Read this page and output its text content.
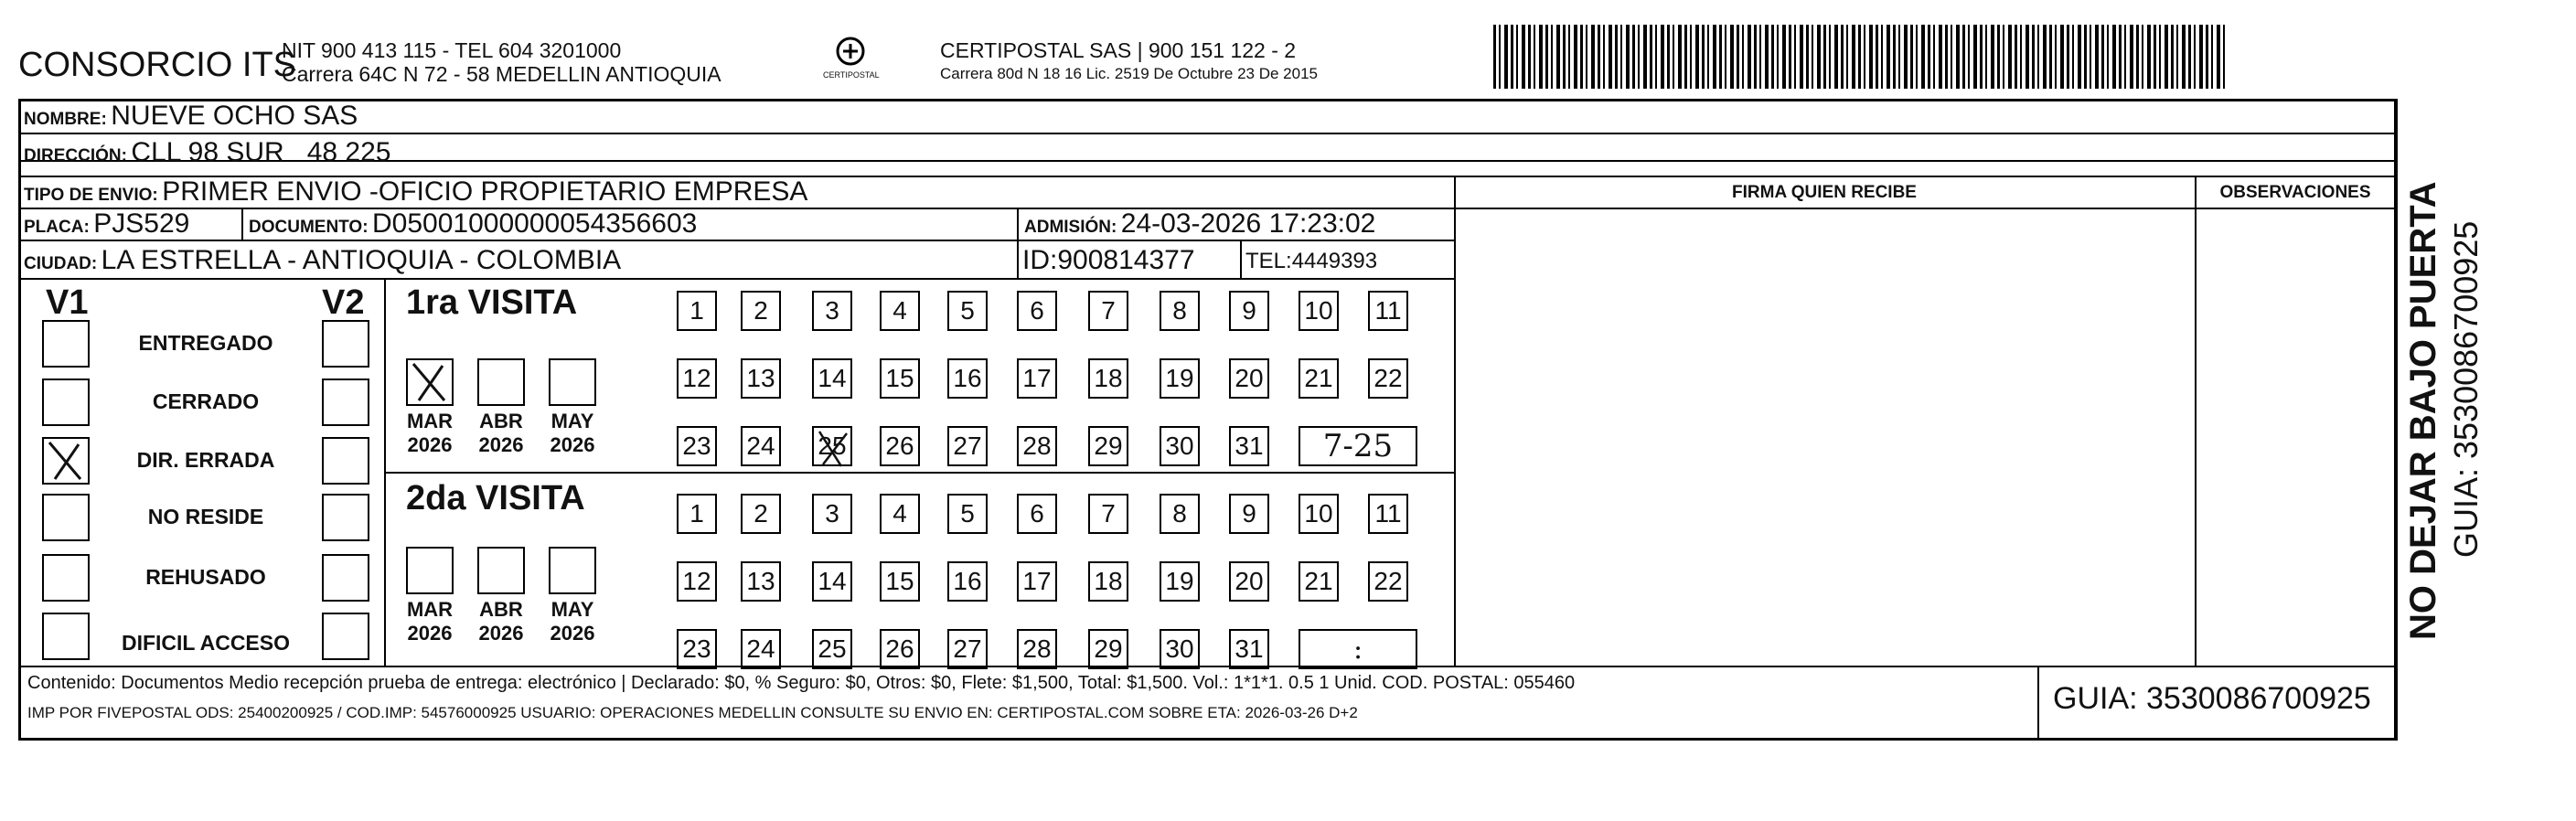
CONSORCIO ITS
NIT 900 413 115 - TEL 604 3201000
Carrera 64C N 72 - 58 MEDELLIN ANTIOQUIA	CERTIPOSTAL
CERTIPOSTAL SAS | 900 151 122 - 2
Carrera 80d N 18 16 Lic. 2519 De Octubre 23 De 2015
NOMBRE: NUEVE OCHO SAS
DIRECCIÓN: CLL 98 SUR   48 225
TIPO DE ENVIO: PRIMER ENVIO -OFICIO PROPIETARIO EMPRESA	FIRMA QUIEN RECIBE	OBSERVACIONES
PLACA: PJS529	DOCUMENTO: D05001000000054356603	ADMISIÓN: 24-03-2026 17:23:02
CIUDAD: LA ESTRELLA - ANTIOQUIA - COLOMBIA	ID:900814377 TEL:4449393
V1	V2
ENTREGADO
CERRADO
DIR. ERRADA
NO RESIDE
REHUSADO
DIFICIL ACCESO
1ra VISITA
MAR
2026
ABR
2026
MAY
2026
1	2	3	4	5	6	7	8	9	10 11
12 13 14 15 16 17 18 19 20 21 22
23 24 25 26 27 28 29 30 31	7-25
2da VISITA
MAR
2026
ABR
2026
MAY
2026
1	2	3	4	5	6	7	8	9	10 11
12 13 14 15 16 17 18 19 20 21 22
23 24 25 26 27 28 29 30 31	:
Contenido: Documentos Medio recepción prueba de entrega: electrónico | Declarado: $0, % Seguro: $0, Otros: $0, Flete: $1,500, Total: $1,500. Vol.: 1*1*1. 0.5 1 Unid. COD. POSTAL: 055460
IMP POR FIVEPOSTAL ODS: 25400200925 / COD.IMP: 54576000925 USUARIO: OPERACIONES MEDELLIN CONSULTE SU ENVIO EN: CERTIPOSTAL.COM SOBRE ETA: 2026-03-26 D+2	GUIA: 3530086700925
NO DEJAR BAJO PUERTA GUIA: 3530086700925
